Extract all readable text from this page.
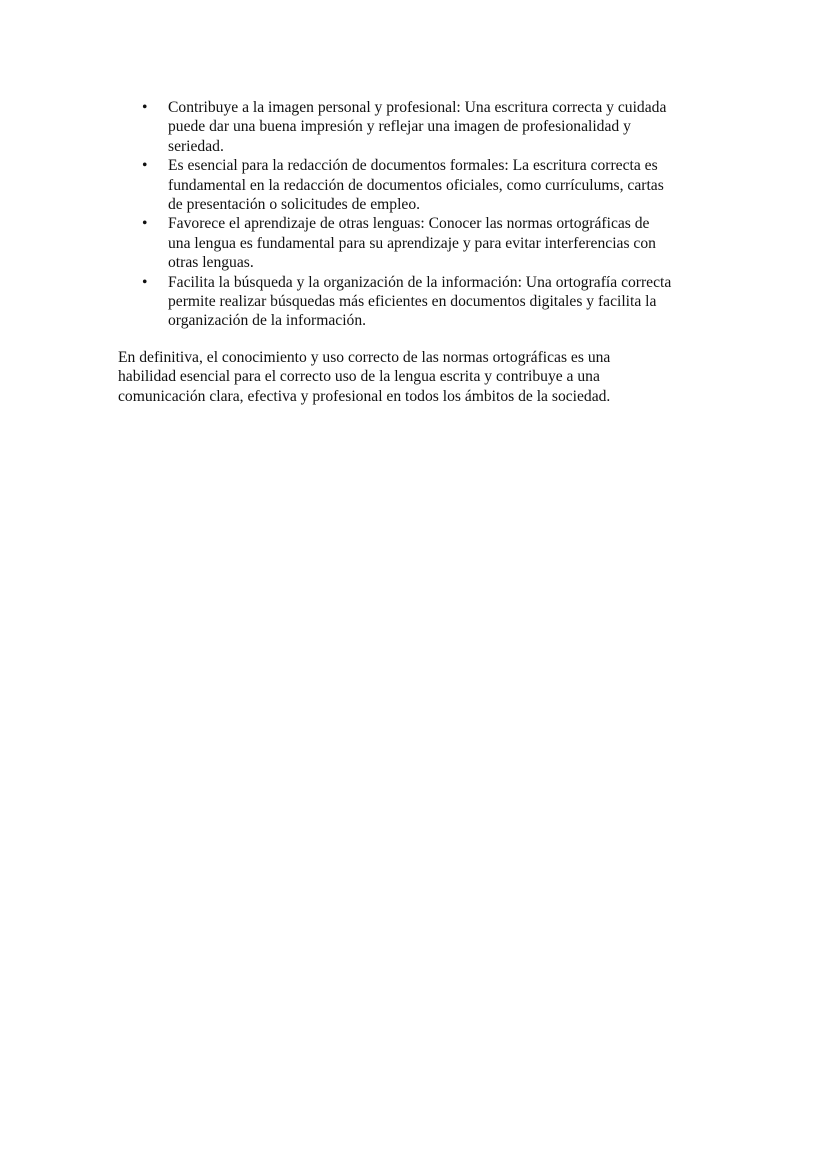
• Contribuye a la imagen personal y profesional: Una escritura correcta y cuidada
puede dar una buena impresión y reflejar una imagen de profesionalidad y
seriedad.
• Es esencial para la redacción de documentos formales: La escritura correcta es
fundamental en la redacción de documentos oficiales, como currículums, cartas
de presentación o solicitudes de empleo.
• Favorece el aprendizaje de otras lenguas: Conocer las normas ortográficas de
una lengua es fundamental para su aprendizaje y para evitar interferencias con
otras lenguas.
• Facilita la búsqueda y la organización de la información: Una ortografía correcta
permite realizar búsquedas más eficientes en documentos digitales y facilita la
organización de la información.

En definitiva, el conocimiento y uso correcto de las normas ortográficas es una
habilidad esencial para el correcto uso de la lengua escrita y contribuye a una
comunicación clara, efectiva y profesional en todos los ámbitos de la sociedad.
